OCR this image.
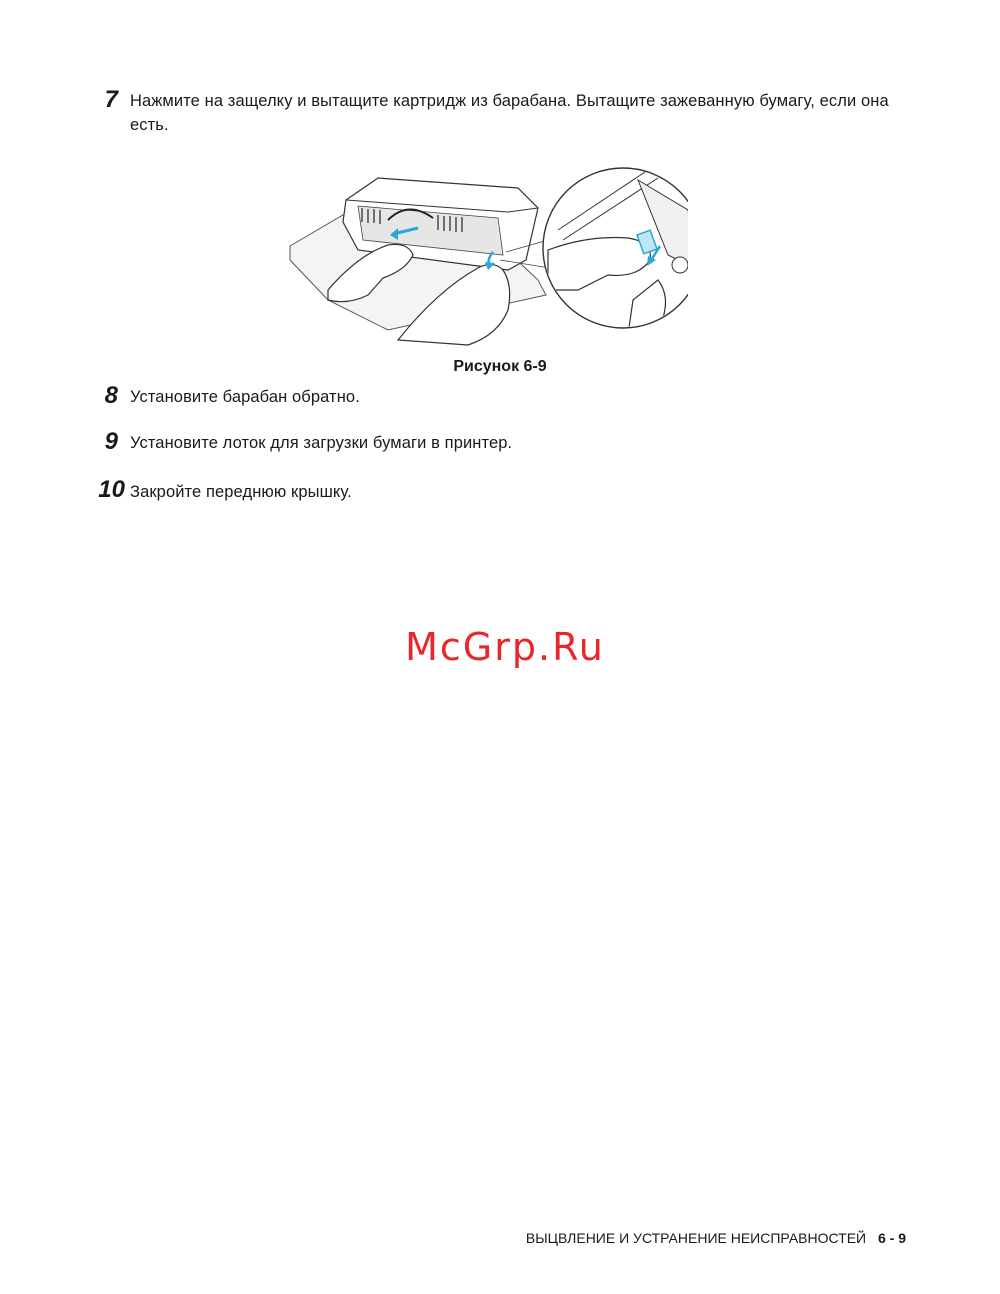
7 Нажмите на защелку и вытащите картридж из барабана. Вытащите зажеванную бумагу, если она есть.
Рисунок 6-9
8 Установите барабан обратно.
9 Установите лоток для загрузки бумаги в принтер.
10 Закройте переднюю крышку.
McGrp.Ru
ВЫЦВЛЕНИЕ И УСТРАНЕНИЕ НЕИСПРАВНОСТЕЙ 6 - 9
